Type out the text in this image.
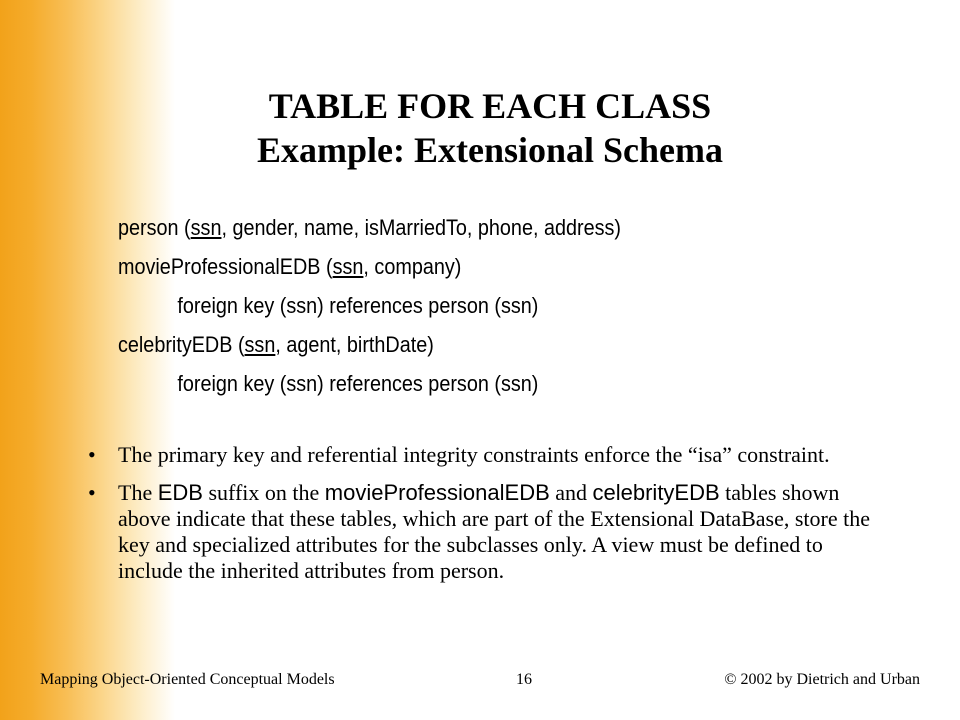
TABLE FOR EACH CLASS
Example: Extensional Schema
person (ssn, gender, name, isMarriedTo, phone, address)
movieProfessionalEDB (ssn, company)
foreign key (ssn) references person (ssn)
celebrityEDB (ssn, agent, birthDate)
foreign key (ssn) references person (ssn)
•	The primary key and referential integrity constraints enforce the “isa” constraint.
•	The EDB suffix on the movieProfessionalEDB and celebrityEDB tables shown above indicate that these tables, which are part of the Extensional DataBase, store the key and specialized attributes for the subclasses only. A view must be defined to include the inherited attributes from person.
Mapping Object-Oriented Conceptual Models	16	© 2002 by Dietrich and Urban
